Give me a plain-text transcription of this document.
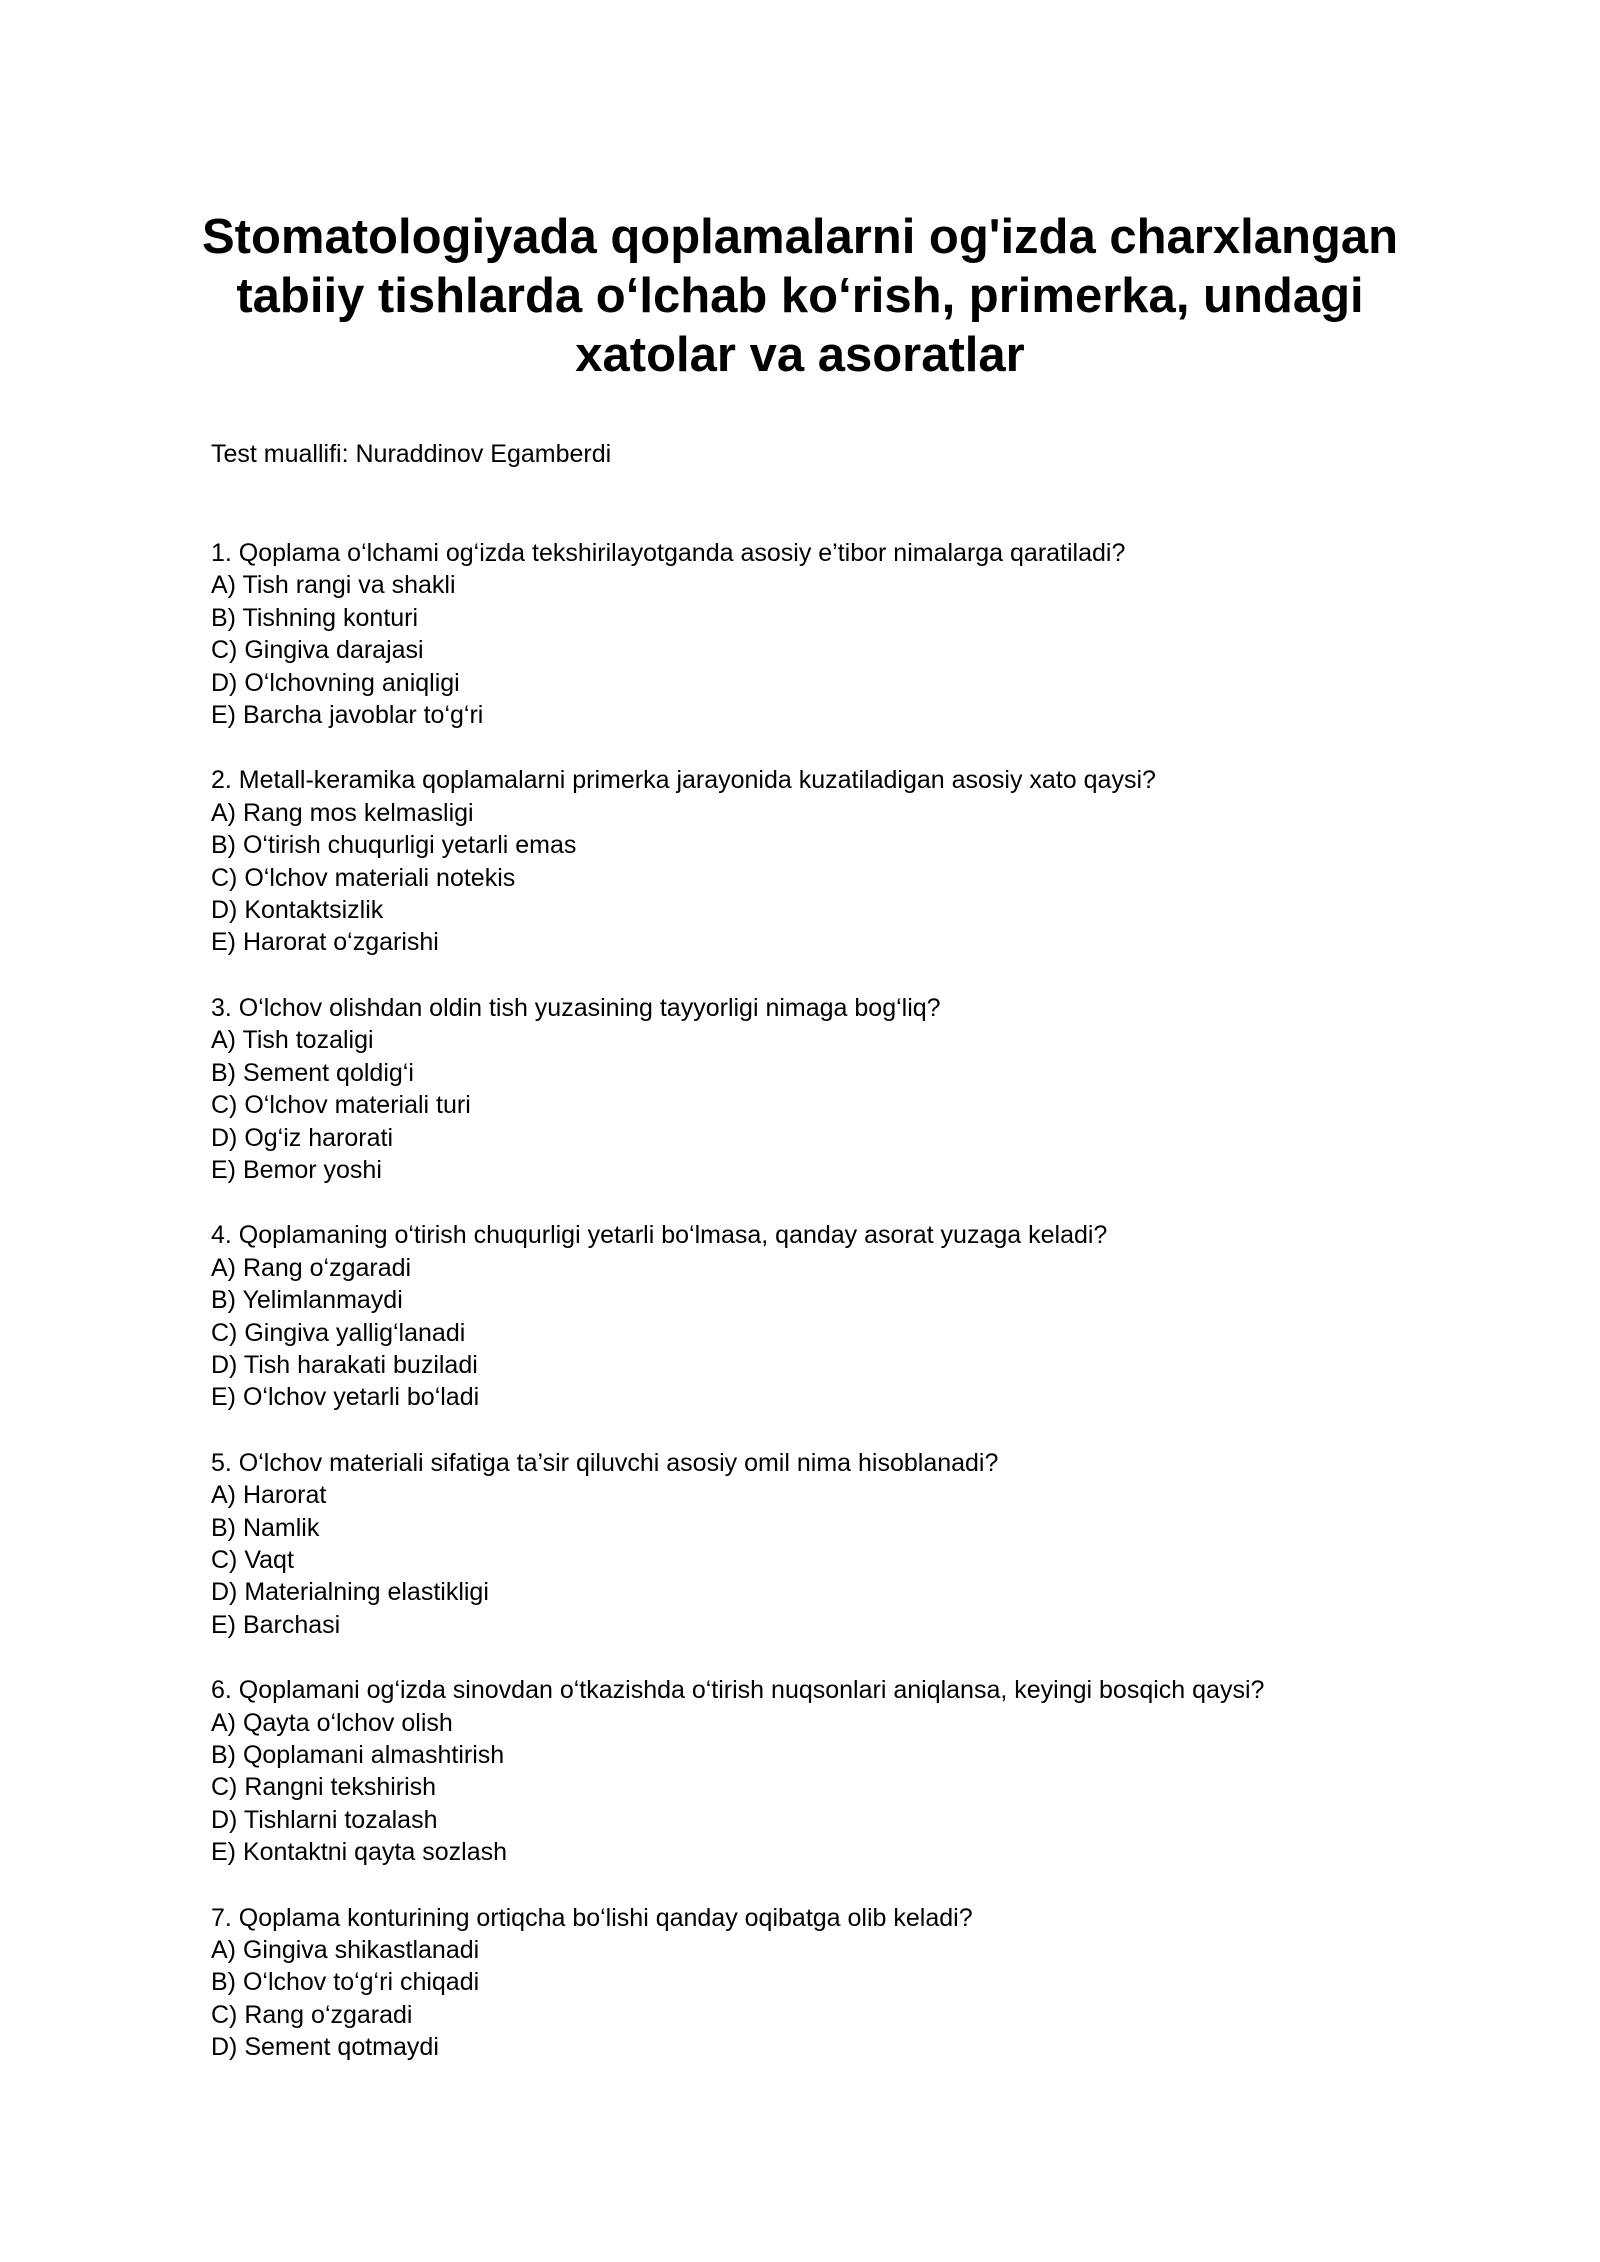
Stomatologiyada qoplamalarni og'izda charxlangan tabiiy tishlarda o‘lchab ko‘rish, primerka, undagi xatolar va asoratlar

Test muallifi: Nuraddinov Egamberdi

1. Qoplama o‘lchami og‘izda tekshirilayotganda asosiy e’tibor nimalarga qaratiladi?

A) Tish rangi va shakli

B) Tishning konturi

C) Gingiva darajasi

D) O‘lchovning aniqligi

E) Barcha javoblar to‘g‘ri

2. Metall-keramika qoplamalarni primerka jarayonida kuzatiladigan asosiy xato qaysi?

A) Rang mos kelmasligi

B) O‘tirish chuqurligi yetarli emas

C) O‘lchov materiali notekis

D) Kontaktsizlik

E) Harorat o‘zgarishi

3. O‘lchov olishdan oldin tish yuzasining tayyorligi nimaga bog‘liq?

A) Tish tozaligi

B) Sement qoldig‘i

C) O‘lchov materiali turi

D) Og‘iz harorati

E) Bemor yoshi

4. Qoplamaning o‘tirish chuqurligi yetarli bo‘lmasa, qanday asorat yuzaga keladi?

A) Rang o‘zgaradi

B) Yelimlanmaydi

C) Gingiva yallig‘lanadi

D) Tish harakati buziladi

E) O‘lchov yetarli bo‘ladi

5. O‘lchov materiali sifatiga ta’sir qiluvchi asosiy omil nima hisoblanadi?

A) Harorat

B) Namlik

C) Vaqt

D) Materialning elastikligi

E) Barchasi

6. Qoplamani og‘izda sinovdan o‘tkazishda o‘tirish nuqsonlari aniqlansa, keyingi bosqich qaysi?

A) Qayta o‘lchov olish

B) Qoplamani almashtirish

C) Rangni tekshirish

D) Tishlarni tozalash

E) Kontaktni qayta sozlash

7. Qoplama konturining ortiqcha bo‘lishi qanday oqibatga olib keladi?

A) Gingiva shikastlanadi

B) O‘lchov to‘g‘ri chiqadi

C) Rang o‘zgaradi

D) Sement qotmaydi
